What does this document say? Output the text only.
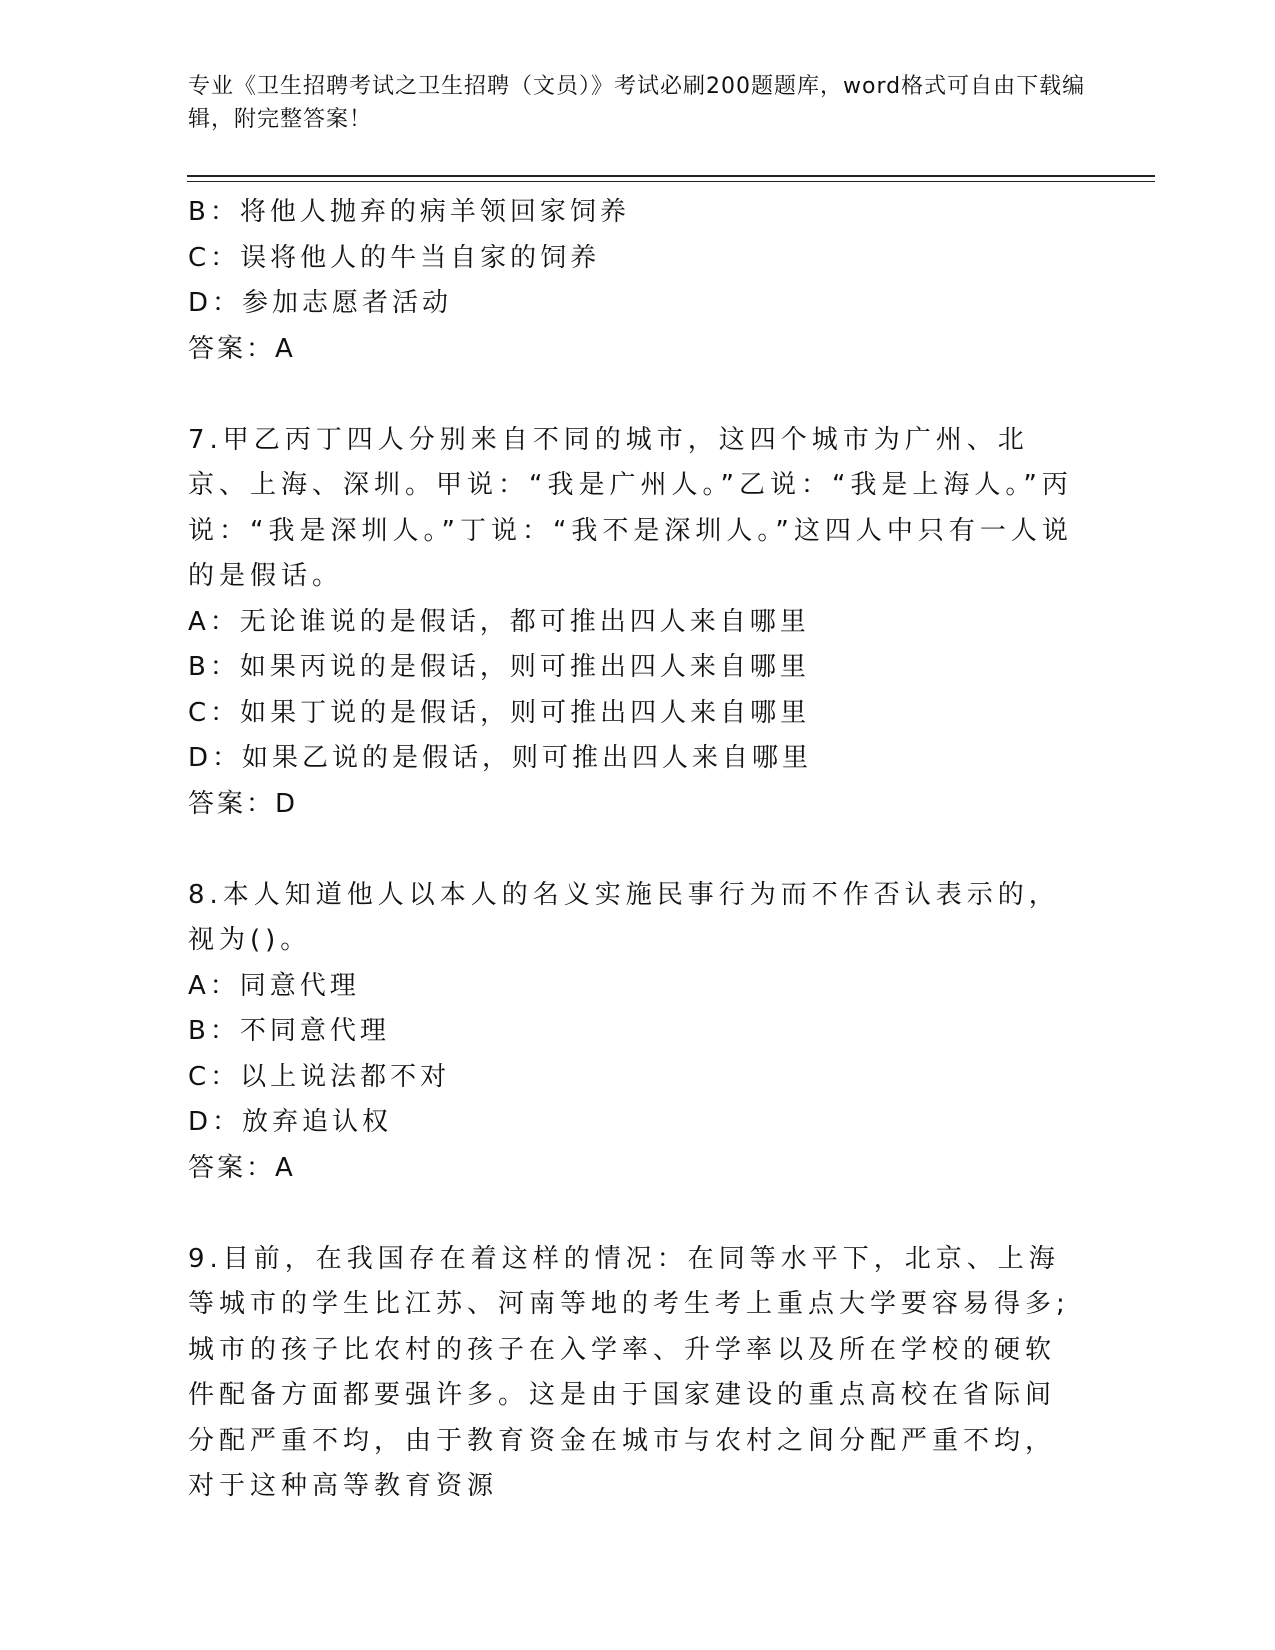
专业《卫生招聘考试之卫生招聘（文员）》考试必刷200题题库，word格式可自由下载编辑，附完整答案！
B：将他人抛弃的病羊领回家饲养
C：误将他人的牛当自家的饲养
D：参加志愿者活动
答案：A
7.甲乙丙丁四人分别来自不同的城市，这四个城市为广州、北京、上海、深圳。甲说：“我是广州人。”乙说：“我是上海人。”丙说：“我是深圳人。”丁说：“我不是深圳人。”这四人中只有一人说的是假话。
A：无论谁说的是假话，都可推出四人来自哪里
B：如果丙说的是假话，则可推出四人来自哪里
C：如果丁说的是假话，则可推出四人来自哪里
D：如果乙说的是假话，则可推出四人来自哪里
答案：D
8.本人知道他人以本人的名义实施民事行为而不作否认表示的，视为()。
A：同意代理
B：不同意代理
C：以上说法都不对
D：放弃追认权
答案：A
9.目前，在我国存在着这样的情况：在同等水平下，北京、上海等城市的学生比江苏、河南等地的考生考上重点大学要容易得多;城市的孩子比农村的孩子在入学率、升学率以及所在学校的硬软件配备方面都要强许多。这是由于国家建设的重点高校在省际间分配严重不均，由于教育资金在城市与农村之间分配严重不均，对于这种高等教育资源
